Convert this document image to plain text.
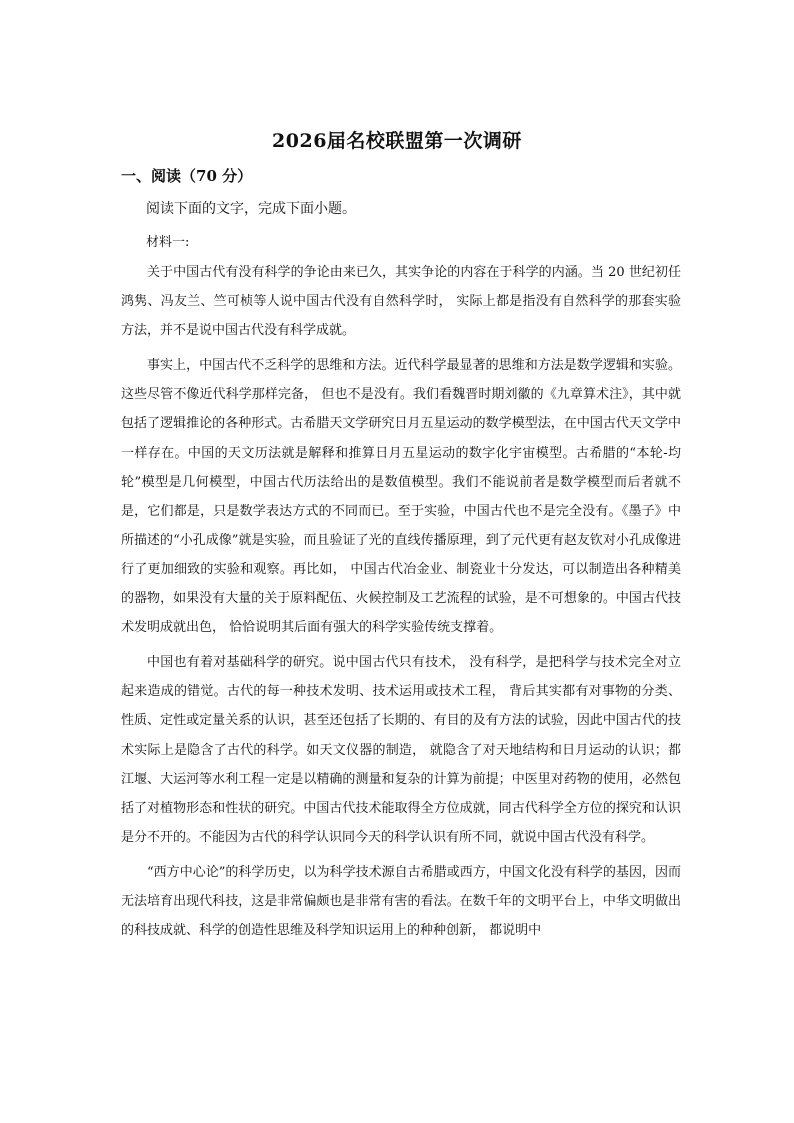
2026届名校联盟第一次调研
一、阅读（70 分）
阅读下面的文字，完成下面小题。
材料一:

关于中国古代有没有科学的争论由来已久，其实争论的内容在于科学的内涵。当 20 世纪初任鸿隽、冯友兰、竺可桢等人说中国古代没有自然科学时， 实际上都是指没有自然科学的那套实验方法，并不是说中国古代没有科学成就。

事实上，中国古代不乏科学的思维和方法。近代科学最显著的思维和方法是数学逻辑和实验。这些尽管不像近代科学那样完备， 但也不是没有。我们看魏晋时期刘徽的《九章算术注》，其中就包括了逻辑推论的各种形式。古希腊天文学研究日月五星运动的数学模型法，在中国古代天文学中一样存在。中国的天文历法就是解释和推算日月五星运动的数字化宇宙模型。古希腊的“本轮-均轮”模型是几何模型，中国古代历法给出的是数值模型。我们不能说前者是数学模型而后者就不是，它们都是，只是数学表达方式的不同而已。至于实验，中国古代也不是完全没有。《墨子》中所描述的“小孔成像”就是实验，而且验证了光的直线传播原理，到了元代更有赵友钦对小孔成像进行了更加细致的实验和观察。再比如， 中国古代冶金业、制瓷业十分发达，可以制造出各种精美的器物，如果没有大量的关于原料配伍、火候控制及工艺流程的试验，是不可想象的。中国古代技术发明成就出色， 恰恰说明其后面有强大的科学实验传统支撑着。

中国也有着对基础科学的研究。说中国古代只有技术， 没有科学，是把科学与技术完全对立起来造成的错觉。古代的每一种技术发明、技术运用或技术工程， 背后其实都有对事物的分类、性质、定性或定量关系的认识，甚至还包括了长期的、有目的及有方法的试验，因此中国古代的技术实际上是隐含了古代的科学。如天文仪器的制造， 就隐含了对天地结构和日月运动的认识；都江堰、大运河等水利工程一定是以精确的测量和复杂的计算为前提；中医里对药物的使用，必然包括了对植物形态和性状的研究。中国古代技术能取得全方位成就，同古代科学全方位的探究和认识是分不开的。不能因为古代的科学认识同今天的科学认识有所不同，就说中国古代没有科学。

“西方中心论”的科学历史，以为科学技术源自古希腊或西方，中国文化没有科学的基因，因而无法培育出现代科技，这是非常偏颇也是非常有害的看法。在数千年的文明平台上，中华文明做出的科技成就、科学的创造性思维及科学知识运用上的种种创新， 都说明中
